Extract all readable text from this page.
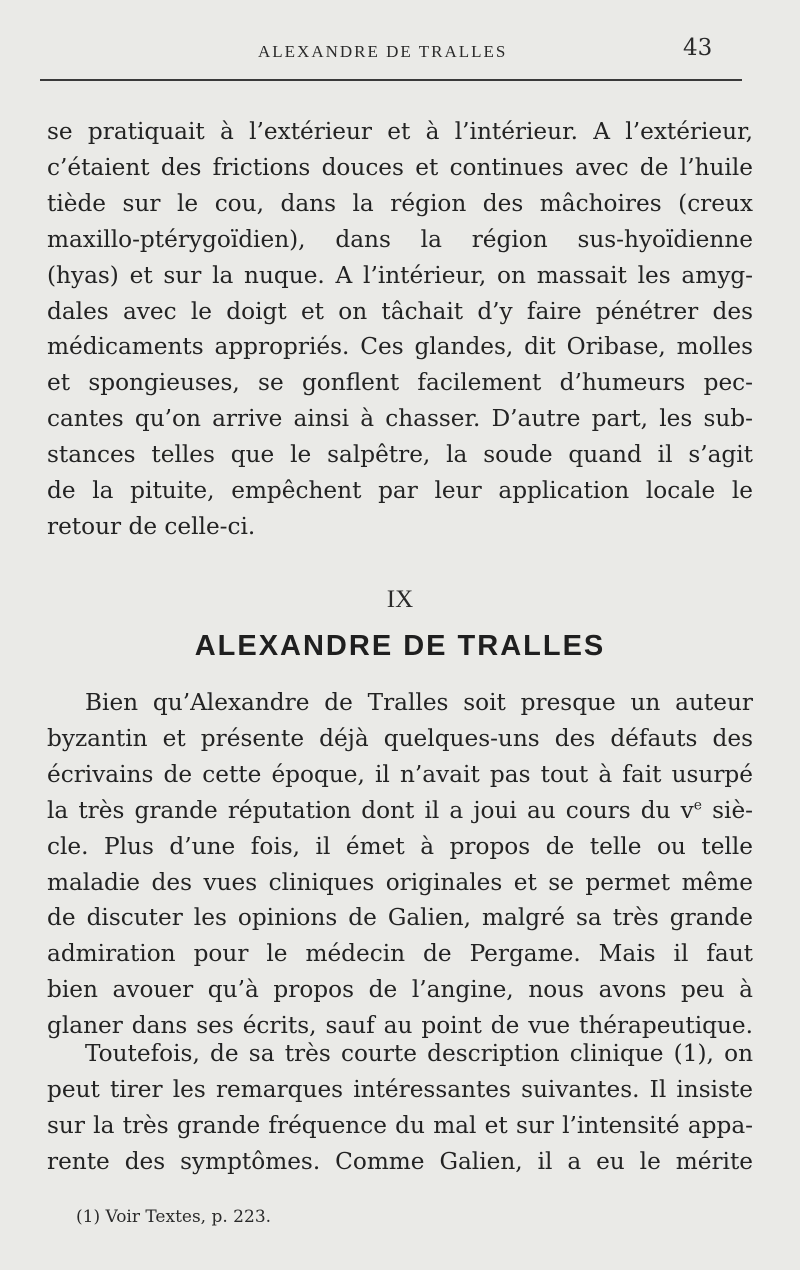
ALEXANDRE DE TRALLES	43
se pratiquait à l’extérieur et à l’intérieur. A l’extérieur,
c’étaient des frictions douces et continues avec de l’huile
tiède sur le cou, dans la région des mâchoires (creux
maxillo-ptérygoïdien), dans la région sus-hyoïdienne
(hyas) et sur la nuque. A l’intérieur, on massait les amyg-
dales avec le doigt et on tâchait d’y faire pénétrer des
médicaments appropriés. Ces glandes, dit Oribase, molles
et spongieuses, se gonflent facilement d’humeurs pec-
cantes qu’on arrive ainsi à chasser. D’autre part, les sub-
stances telles que le salpêtre, la soude quand il s’agit
de la pituite, empêchent par leur application locale le
retour de celle-ci.
IX
ALEXANDRE DE TRALLES
Bien qu’Alexandre de Tralles soit presque un auteur
byzantin et présente déjà quelques-uns des défauts des
écrivains de cette époque, il n’avait pas tout à fait usurpé
la très grande réputation dont il a joui au cours du $v^e$ siè-
cle. Plus d’une fois, il émet à propos de telle ou telle
maladie des vues cliniques originales et se permet même
de discuter les opinions de Galien, malgré sa très grande
admiration pour le médecin de Pergame. Mais il faut
bien avouer qu’à propos de l’angine, nous avons peu à
glaner dans ses écrits, sauf au point de vue thérapeutique.
Toutefois, de sa très courte description clinique (1), on
peut tirer les remarques intéressantes suivantes. Il insiste
sur la très grande fréquence du mal et sur l’intensité appa-
rente des symptômes. Comme Galien, il a eu le mérite
(1) Voir Textes, p. 223.
